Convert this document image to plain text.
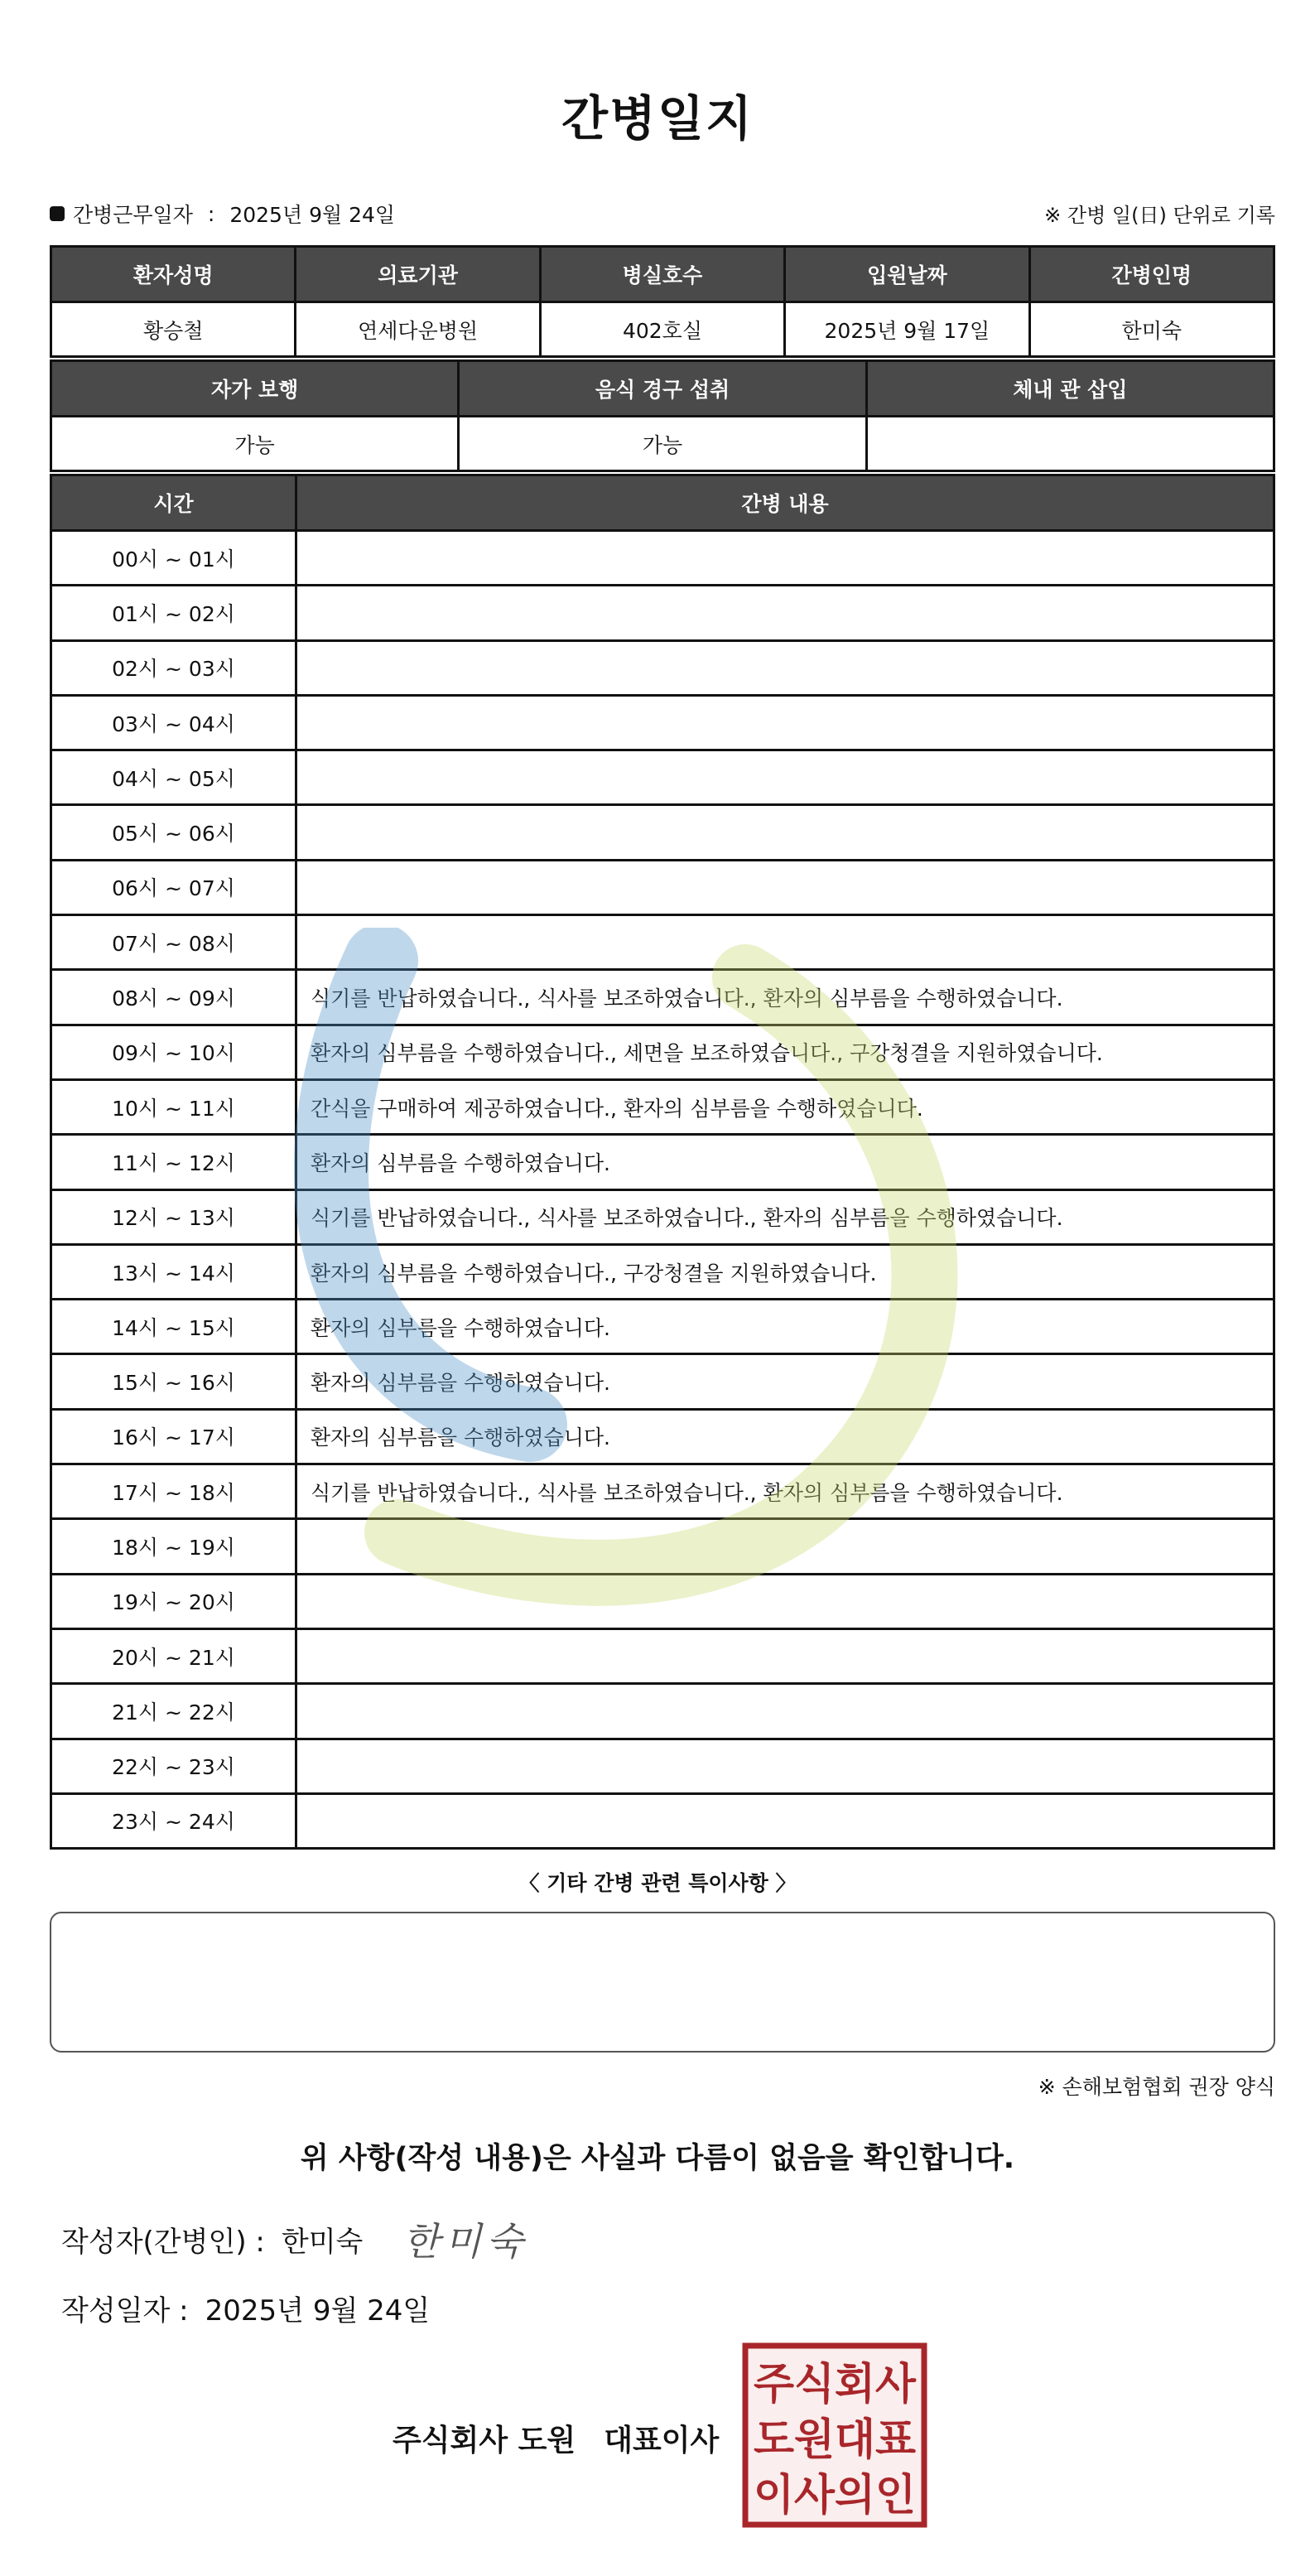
간병일지
간병근무일자 : 2025년 9월 24일	※ 간병 일(日) 단위로 기록
환자성명	의료기관	병실호수	입원날짜	간병인명
황승철	연세다운병원	402호실	2025년 9월 17일	한미숙
자가 보행	음식 경구 섭취	체내 관 삽입
가능	가능	
시간	간병 내용
00시 ~ 01시	
01시 ~ 02시	
02시 ~ 03시	
03시 ~ 04시	
04시 ~ 05시	
05시 ~ 06시	
06시 ~ 07시	
07시 ~ 08시	
08시 ~ 09시	식기를 반납하였습니다., 식사를 보조하였습니다., 환자의 심부름을 수행하였습니다.
09시 ~ 10시	환자의 심부름을 수행하였습니다., 세면을 보조하였습니다., 구강청결을 지원하였습니다.
10시 ~ 11시	간식을 구매하여 제공하였습니다., 환자의 심부름을 수행하였습니다.
11시 ~ 12시	환자의 심부름을 수행하였습니다.
12시 ~ 13시	식기를 반납하였습니다., 식사를 보조하였습니다., 환자의 심부름을 수행하였습니다.
13시 ~ 14시	환자의 심부름을 수행하였습니다., 구강청결을 지원하였습니다.
14시 ~ 15시	환자의 심부름을 수행하였습니다.
15시 ~ 16시	환자의 심부름을 수행하였습니다.
16시 ~ 17시	환자의 심부름을 수행하였습니다.
17시 ~ 18시	식기를 반납하였습니다., 식사를 보조하였습니다., 환자의 심부름을 수행하였습니다.
18시 ~ 19시	
19시 ~ 20시	
20시 ~ 21시	
21시 ~ 22시	
22시 ~ 23시	
23시 ~ 24시	
〈 기타 간병 관련 특이사항 〉
※ 손해보험협회 권장 양식
위 사항(작성 내용)은 사실과 다름이 없음을 확인합니다.
작성자(간병인) : 한미숙 한미숙
작성일자 : 2025년 9월 24일
주식회사 도원 대표이사
주식회사
도원대표
이사의인
